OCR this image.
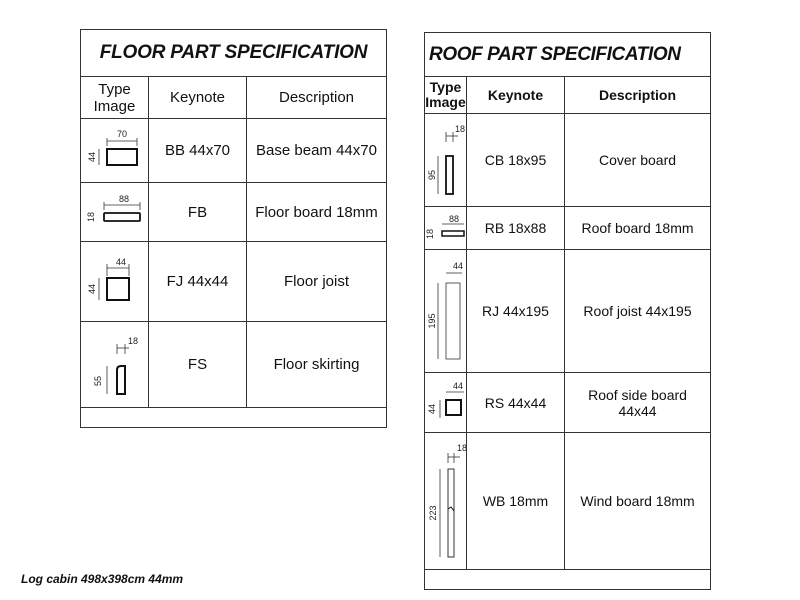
FLOOR PART SPECIFICATION		
Type
Image	Keynote	Description

70
44	BB 44x70	Base beam 44x70

88
18	FB	Floor board 18mm

44
44	FJ 44x44	Floor joist

18
55	FS	Floor skirting

ROOF PART SPECIFICATION		
Type
Image	Keynote	Description

18
95	CB 18x95	Cover board

88
18	RB 18x88	Roof board 18mm

44
195	RJ 44x195	Roof joist 44x195

44
44	RS 44x44	Roof side board
44x44

18
223	WB 18mm	Wind board 18mm

Log cabin 498x398cm 44mm
